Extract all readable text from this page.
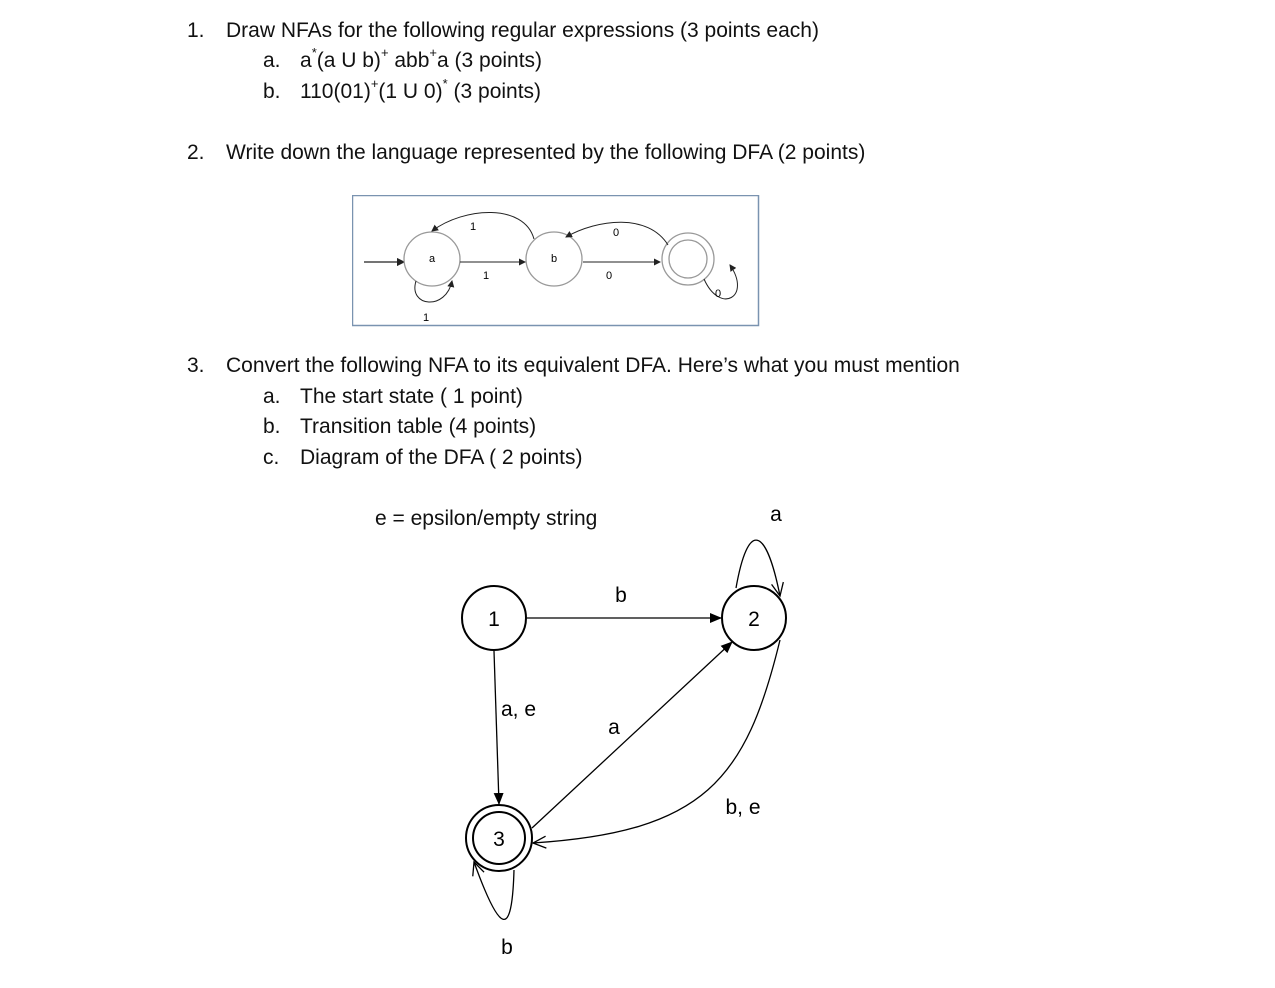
1. Draw NFAs for the following regular expressions (3 points each)
a. a*(a U b)+ abb+a (3 points)
b. 110(01)+(1 U 0)* (3 points)
2. Write down the language represented by the following DFA (2 points)
a	b
1
1
1
0
0
0
3. Convert the following NFA to its equivalent DFA. Here’s what you must mention
a. The start state ( 1 point)
b. Transition table (4 points)
c. Diagram of the DFA ( 2 points)
e = epsilon/empty string
1	2
3
a
b
a, e
a
b, e
b
